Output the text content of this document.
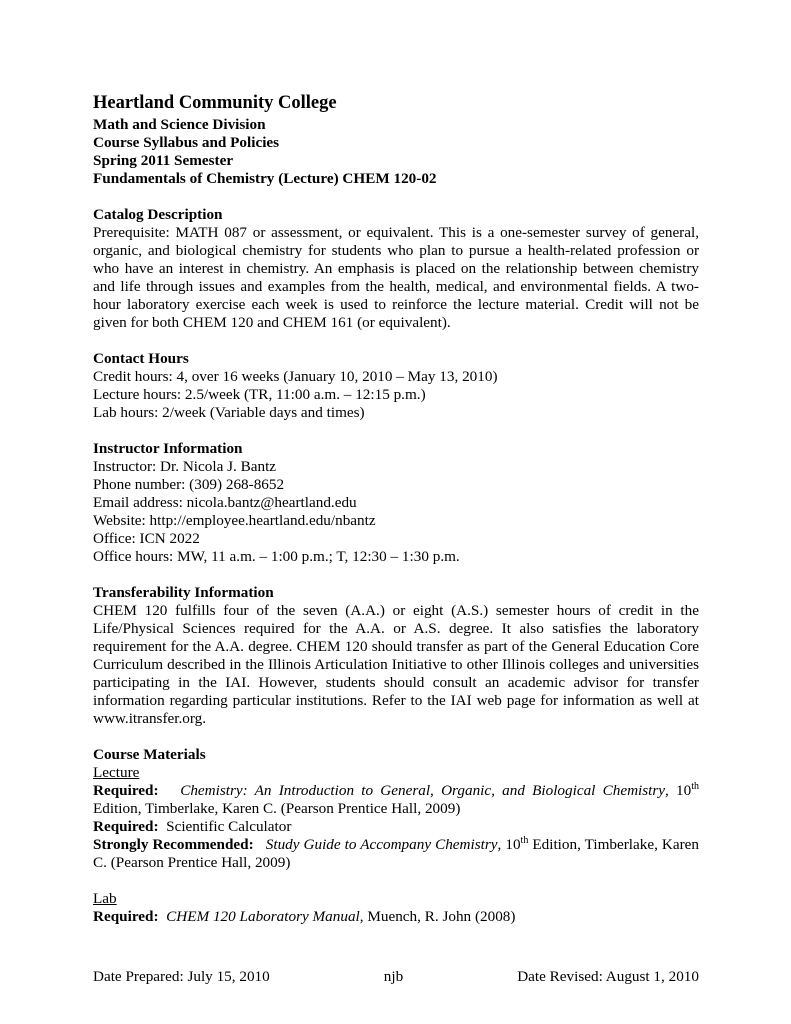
Heartland Community College
Math and Science Division
Course Syllabus and Policies
Spring 2011 Semester
Fundamentals of Chemistry (Lecture) CHEM 120-02
Catalog Description
Prerequisite: MATH 087 or assessment, or equivalent. This is a one-semester survey of general, organic, and biological chemistry for students who plan to pursue a health-related profession or who have an interest in chemistry. An emphasis is placed on the relationship between chemistry and life through issues and examples from the health, medical, and environmental fields. A two-hour laboratory exercise each week is used to reinforce the lecture material. Credit will not be given for both CHEM 120 and CHEM 161 (or equivalent).
Contact Hours
Credit hours: 4, over 16 weeks (January 10, 2010 – May 13, 2010)
Lecture hours: 2.5/week (TR, 11:00 a.m. – 12:15 p.m.)
Lab hours: 2/week (Variable days and times)
Instructor Information
Instructor: Dr. Nicola J. Bantz
Phone number: (309) 268-8652
Email address: nicola.bantz@heartland.edu
Website: http://employee.heartland.edu/nbantz
Office: ICN 2022
Office hours: MW, 11 a.m. – 1:00 p.m.; T, 12:30 – 1:30 p.m.
Transferability Information
CHEM 120 fulfills four of the seven (A.A.) or eight (A.S.) semester hours of credit in the Life/Physical Sciences required for the A.A. or A.S. degree. It also satisfies the laboratory requirement for the A.A. degree. CHEM 120 should transfer as part of the General Education Core Curriculum described in the Illinois Articulation Initiative to other Illinois colleges and universities participating in the IAI. However, students should consult an academic advisor for transfer information regarding particular institutions. Refer to the IAI web page for information as well at www.itransfer.org.
Course Materials
Lecture
Required: Chemistry: An Introduction to General, Organic, and Biological Chemistry, 10th Edition, Timberlake, Karen C. (Pearson Prentice Hall, 2009)
Required: Scientific Calculator
Strongly Recommended: Study Guide to Accompany Chemistry, 10th Edition, Timberlake, Karen C. (Pearson Prentice Hall, 2009)
Lab
Required: CHEM 120 Laboratory Manual, Muench, R. John (2008)
Date Prepared: July 15, 2010	njb	Date Revised: August 1, 2010
